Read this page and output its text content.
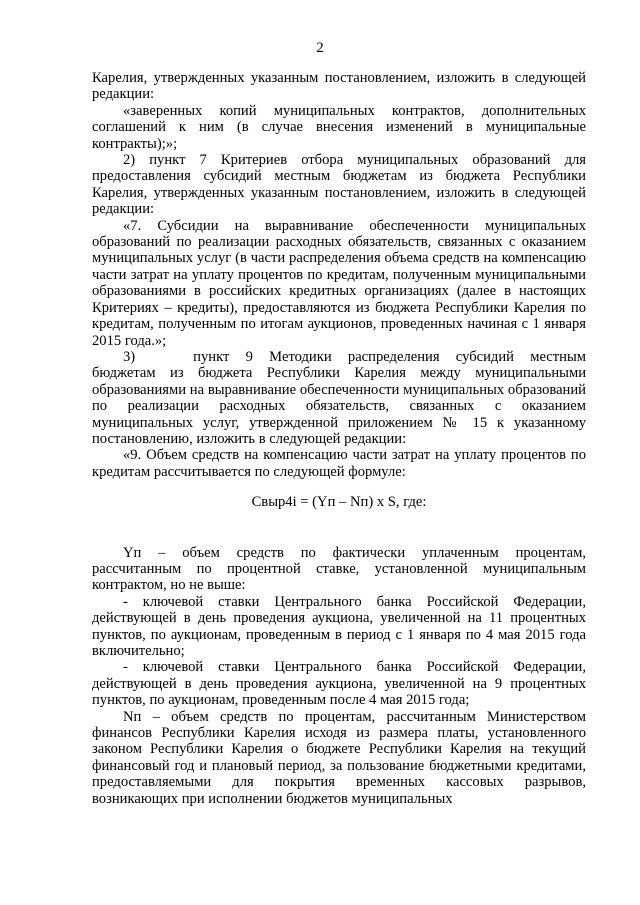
2

Карелия, утвержденных указанным постановлением, изложить в следующей редакции:

«заверенных копий муниципальных контрактов, дополнительных соглашений к ним (в случае внесения изменений в муниципальные контракты);»;

2) пункт 7 Критериев отбора муниципальных образований для предоставления субсидий местным бюджетам из бюджета Республики Карелия, утвержденных указанным постановлением, изложить в следующей редакции:

«7. Субсидии на выравнивание обеспеченности муниципальных образований по реализации расходных обязательств, связанных с оказанием муниципальных услуг (в части распределения объема средств на компенсацию части затрат на уплату процентов по кредитам, полученным муниципальными образованиями в российских кредитных организациях (далее в настоящих Критериях – кредиты), предоставляются из бюджета Республики Карелия по кредитам, полученным по итогам аукционов, проведенных начиная с 1 января 2015 года.»;

3)	пункт 9 Методики распределения субсидий местным бюджетам из бюджета Республики Карелия между муниципальными образованиями на выравнивание обеспеченности муниципальных образований по реализации расходных обязательств, связанных с оказанием муниципальных услуг, утвержденной приложением № 15 к указанному постановлению, изложить в следующей редакции:

«9. Объем средств на компенсацию части затрат на уплату процентов по кредитам рассчитывается по следующей формуле:

Свыр4i = (Yп – Nп) x S, где:

Yп – объем средств по фактически уплаченным процентам, рассчитанным по процентной ставке, установленной муниципальным контрактом, но не выше:

- ключевой ставки Центрального банка Российской Федерации, действующей в день проведения аукциона, увеличенной на 11 процентных пунктов, по аукционам, проведенным в период с 1 января по 4 мая 2015 года включительно;

- ключевой ставки Центрального банка Российской Федерации, действующей в день проведения аукциона, увеличенной на 9 процентных пунктов, по аукционам, проведенным после 4 мая 2015 года;

Nп – объем средств по процентам, рассчитанным Министерством финансов Республики Карелия исходя из размера платы, установленного законом Республики Карелия о бюджете Республики Карелия на текущий финансовый год и плановый период, за пользование бюджетными кредитами, предоставляемыми для покрытия временных кассовых разрывов, возникающих при исполнении бюджетов муниципальных
